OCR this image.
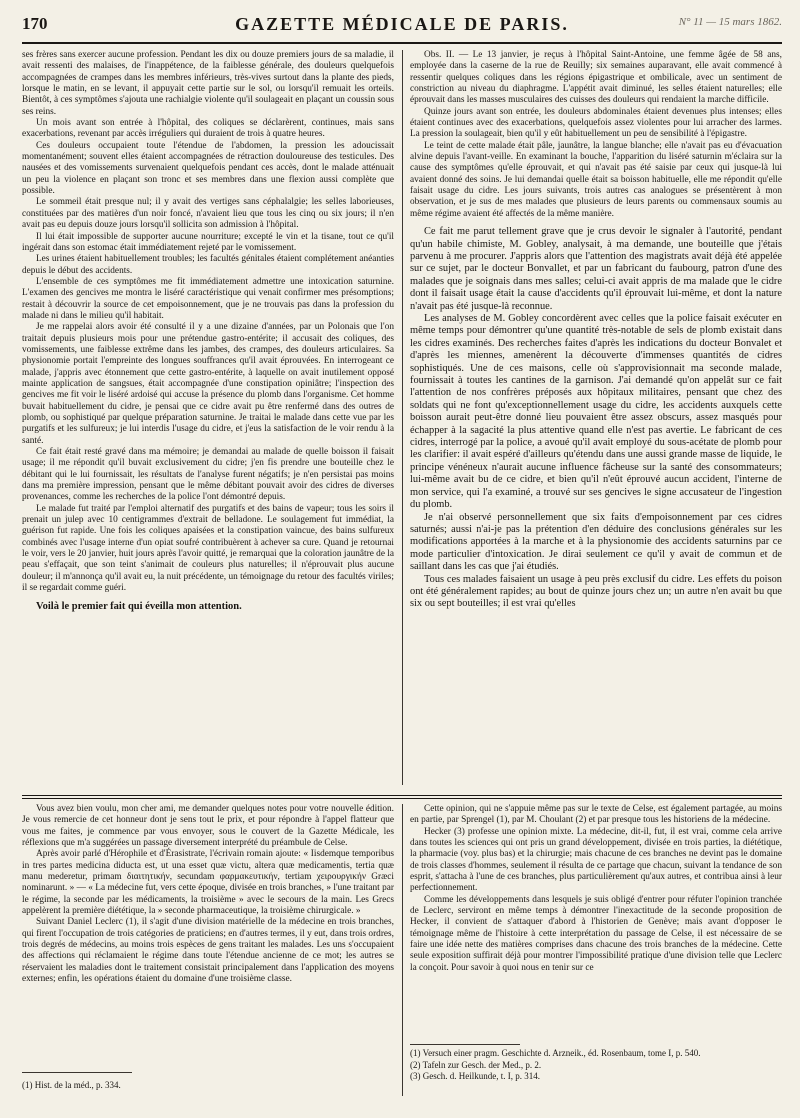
170	GAZETTE MÉDICALE DE PARIS.	N° 11 — 15 mars 1862.

ses frères sans exercer aucune profession. Pendant les dix ou douze premiers jours de sa maladie, il avait ressenti des malaises, de l'inappétence, de la faiblesse générale, des douleurs quelquefois accompagnées de crampes dans les membres inférieurs, très-vives surtout dans la plante des pieds, lorsque le matin, en se levant, il appuyait cette partie sur le sol, ou lorsqu'il remuait les orteils. Bientôt, à ces symptômes s'ajouta une rachialgie violente qu'il soulageait en plaçant un coussin sous ses reins.

Un mois avant son entrée à l'hôpital, des coliques se déclarèrent, continues, mais sans exacerbations, revenant par accès irréguliers qui duraient de trois à quatre heures.

Ces douleurs occupaient toute l'étendue de l'abdomen, la pression les adoucissait momentanément; souvent elles étaient accompagnées de rétraction douloureuse des testicules. Des nausées et des vomissements survenaient quelquefois pendant ces accès, dont le malade atténuait un peu la violence en plaçant son tronc et ses membres dans une flexion aussi complète que possible.

Le sommeil était presque nul; il y avait des vertiges sans céphalalgie; les selles laborieuses, constituées par des matières d'un noir foncé, n'avaient lieu que tous les cinq ou six jours; il n'en avait pas eu depuis douze jours lorsqu'il sollicita son admission à l'hôpital.

Il lui était impossible de supporter aucune nourriture; excepté le vin et la tisane, tout ce qu'il ingérait dans son estomac était immédiatement rejeté par le vomissement.

Les urines étaient habituellement troubles; les facultés génitales étaient complétement anéanties depuis le début des accidents.

L'ensemble de ces symptômes me fit immédiatement admettre une intoxication saturnine. L'examen des gencives me montra le liséré caractéristique qui venait confirmer mes présomptions; restait à découvrir la source de cet empoisonnement, que je ne trouvais pas dans la profession du malade ni dans le milieu qu'il habitait.

Je me rappelai alors avoir été consulté il y a une dizaine d'années, par un Polonais que l'on traitait depuis plusieurs mois pour une prétendue gastro-entérite; il accusait des coliques, des vomissements, une faiblesse extrême dans les jambes, des crampes, des douleurs articulaires. Sa physionomie portait l'empreinte des longues souffrances qu'il avait éprouvées. En interrogeant ce malade, j'appris avec étonnement que cette gastro-entérite, à laquelle on avait inutilement opposé mainte application de sangsues, était accompagnée d'une constipation opiniâtre; l'inspection des gencives me fit voir le liséré ardoisé qui accuse la présence du plomb dans l'organisme. Cet homme buvait habituellement du cidre, je pensai que ce cidre avait pu être renfermé dans des outres de plomb, ou sophistiqué par quelque préparation saturnine. Je traitai le malade dans cette vue par les purgatifs et les sulfureux; je lui interdis l'usage du cidre, et j'eus la satisfaction de le voir rendu à la santé.

Ce fait était resté gravé dans ma mémoire; je demandai au malade de quelle boisson il faisait usage; il me répondit qu'il buvait exclusivement du cidre; j'en fis prendre une bouteille chez le débitant qui le lui fournissait, les résultats de l'analyse furent négatifs; je n'en persistai pas moins dans ma première impression, pensant que le même débitant pouvait avoir des cidres de diverses provenances, comme les recherches de la police l'ont démontré depuis.

Le malade fut traité par l'emploi alternatif des purgatifs et des bains de vapeur; tous les soirs il prenait un julep avec 10 centigrammes d'extrait de belladone. Le soulagement fut immédiat, la guérison fut rapide. Une fois les coliques apaisées et la constipation vaincue, des bains sulfureux combinés avec l'usage interne d'un opiat soufré contribuèrent à achever sa cure. Quand je retournai le voir, vers le 20 janvier, huit jours après l'avoir quitté, je remarquai que la coloration jaunâtre de la peau s'effaçait, que son teint s'animait de couleurs plus naturelles; il n'éprouvait plus aucune douleur; il m'annonça qu'il avait eu, la nuit précédente, un témoignage du retour des facultés viriles; il se regardait comme guéri.

Voilà le premier fait qui éveilla mon attention.

Obs. II. — Le 13 janvier, je reçus à l'hôpital Saint-Antoine, une femme âgée de 58 ans, employée dans la caserne de la rue de Reuilly; six semaines auparavant, elle avait commencé à ressentir quelques coliques dans les régions épigastrique et ombilicale, avec un sentiment de constriction au niveau du diaphragme. L'appétit avait diminué, les selles étaient naturelles; elle éprouvait dans les masses musculaires des cuisses des douleurs qui rendaient la marche difficile.

Quinze jours avant son entrée, les douleurs abdominales étaient devenues plus intenses; elles étaient continues avec des exacerbations, quelquefois assez violentes pour lui arracher des larmes. La pression la soulageait, bien qu'il y eût habituellement un peu de sensibilité à l'épigastre.

Le teint de cette malade était pâle, jaunâtre, la langue blanche; elle n'avait pas eu d'évacuation alvine depuis l'avant-veille. En examinant la bouche, l'apparition du liséré saturnin m'éclaira sur la cause des symptômes qu'elle éprouvait, et qui n'avait pas été saisie par ceux qui jusque-là lui avaient donné des soins. Je lui demandai quelle était sa boisson habituelle, elle me répondit qu'elle faisait usage du cidre. Les jours suivants, trois autres cas analogues se présentèrent à mon observation, et je sus de mes malades que plusieurs de leurs parents ou commensaux soumis au même régime avaient été affectés de la même manière.

Ce fait me parut tellement grave que je crus devoir le signaler à l'autorité, pendant qu'un habile chimiste, M. Gobley, analysait, à ma demande, une bouteille que j'étais parvenu à me procurer. J'appris alors que l'attention des magistrats avait déjà été appelée sur ce sujet, par le docteur Bonvallet, et par un fabricant du faubourg, patron d'une des malades que je soignais dans mes salles; celui-ci avait appris de ma malade que le cidre dont il faisait usage était la cause d'accidents qu'il éprouvait lui-même, et dont la nature n'avait pas été jusque-là reconnue.

Les analyses de M. Gobley concordèrent avec celles que la police faisait exécuter en même temps pour démontrer qu'une quantité très-notable de sels de plomb existait dans les cidres examinés. Des recherches faites d'après les indications du docteur Bonvalet et d'après les miennes, amenèrent la découverte d'immenses quantités de cidres sophistiqués. Une de ces maisons, celle où s'approvisionnait ma seconde malade, fournissait à toutes les cantines de la garnison. J'ai demandé qu'on appelât sur ce fait l'attention de nos confrères préposés aux hôpitaux militaires, pensant que chez des soldats qui ne font qu'exceptionnellement usage du cidre, les accidents auxquels cette boisson aurait peut-être donné lieu pouvaient être assez obscurs, assez masqués pour échapper à la sagacité la plus attentive quand elle n'est pas avertie. Le fabricant de ces cidres, interrogé par la police, a avoué qu'il avait employé du sous-acétate de plomb pour les clarifier: il avait espéré d'ailleurs qu'étendu dans une aussi grande masse de liquide, le principe vénéneux n'aurait aucune influence fâcheuse sur la santé des consommateurs; lui-même avait bu de ce cidre, et bien qu'il n'eût éprouvé aucun accident, l'interne de mon service, qui l'a examiné, a trouvé sur ses gencives le signe accusateur de l'ingestion du plomb.

Je n'ai observé personnellement que six faits d'empoisonnement par ces cidres saturnés; aussi n'ai-je pas la prétention d'en déduire des conclusions générales sur les modifications apportées à la marche et à la physionomie des accidents saturnins par ce mode particulier d'intoxication. Je dirai seulement ce qu'il y avait de commun et de saillant dans les cas que j'ai étudiés.

Tous ces malades faisaient un usage à peu près exclusif du cidre. Les effets du poison ont été généralement rapides; au bout de quinze jours chez un; un autre n'en avait bu que six ou sept bouteilles; il est vrai qu'elles

Vous avez bien voulu, mon cher ami, me demander quelques notes pour votre nouvelle édition. Je vous remercie de cet honneur dont je sens tout le prix, et pour répondre à l'appel flatteur que vous me faites, je commence par vous envoyer, sous le couvert de la Gazette Médicale, les réflexions que m'a suggérées un passage diversement interprété du préambule de Celse.

Après avoir parlé d'Hérophile et d'Érasistrate, l'écrivain romain ajoute: « Iisdemque temporibus in tres partes medicina diducta est, ut una esset quæ victu, altera quæ medicamentis, tertia quæ manu mederetur, primam διαιτητικήν, secundam φαρμακευτικήν, tertiam χειρουργικήν Græci nominarunt. » — « La médecine fut, vers cette époque, divisée en trois branches, » l'une traitant par le régime, la seconde par les médicaments, la troisième » avec le secours de la main. Les Grecs appelèrent la première diététique, la » seconde pharmaceutique, la troisième chirurgicale. »

Suivant Daniel Leclerc (1), il s'agit d'une division matérielle de la médecine en trois branches, qui firent l'occupation de trois catégories de praticiens; en d'autres termes, il y eut, dans trois ordres, trois degrés de médecins, au moins trois espèces de gens traitant les malades. Les uns s'occupaient des affections qui réclamaient le régime dans toute l'étendue ancienne de ce mot; les autres se réservaient les maladies dont le traitement consistait principalement dans l'application des moyens externes; enfin, les opérations étaient du domaine d'une troisième classe.

Cette opinion, qui ne s'appuie même pas sur le texte de Celse, est également partagée, au moins en partie, par Sprengel (1), par M. Choulant (2) et par presque tous les historiens de la médecine.

Hecker (3) professe une opinion mixte. La médecine, dit-il, fut, il est vrai, comme cela arrive dans toutes les sciences qui ont pris un grand développement, divisée en trois parties, la diététique, la pharmacie (voy. plus bas) et la chirurgie; mais chacune de ces branches ne devint pas le domaine de trois classes d'hommes, seulement il résulta de ce partage que chacun, suivant la tendance de son esprit, s'attacha à l'une de ces branches, plus particulièrement qu'aux autres, et contribua ainsi à leur perfectionnement.

Comme les développements dans lesquels je suis obligé d'entrer pour réfuter l'opinion tranchée de Leclerc, serviront en même temps à démontrer l'inexactitude de la seconde proposition de Hecker, il convient de s'attaquer d'abord à l'historien de Genève; mais avant d'opposer le témoignage même de l'histoire à cette interprétation du passage de Celse, il est nécessaire de se faire une idée nette des matières comprises dans chacune des trois branches de la médecine. Cette seule exposition suffirait déjà pour montrer l'impossibilité pratique d'une division telle que Leclerc la conçoit. Pour savoir à quoi nous en tenir sur ce

(1) Hist. de la méd., p. 334.
(1) Versuch einer pragm. Geschichte d. Arzneik., éd. Rosenbaum, tome I, p. 540.
(2) Tafeln zur Gesch. der Med., p. 2.
(3) Gesch. d. Heilkunde, t. I, p. 314.
